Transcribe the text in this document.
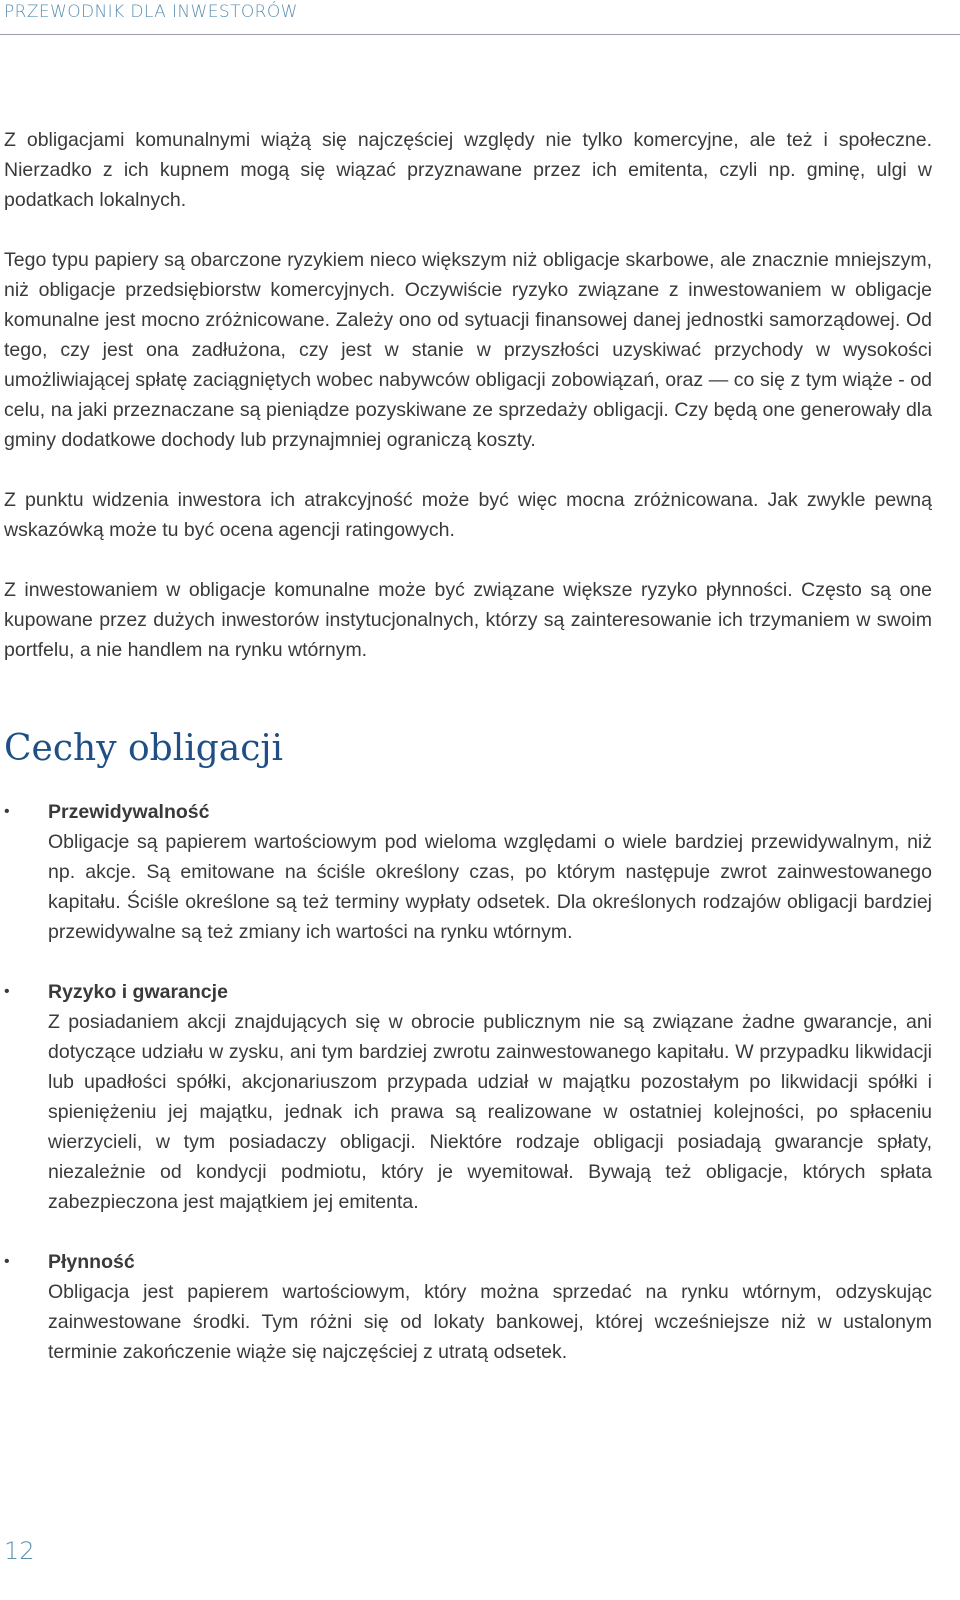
PRZEWODNIK DLA INWESTORÓW

Z obligacjami komunalnymi wiążą się najczęściej względy nie tylko komercyjne, ale też i społeczne. Nierzadko z ich kupnem mogą się wiązać przyznawane przez ich emitenta, czyli np. gminę, ulgi w podatkach lokalnych.

Tego typu papiery są obarczone ryzykiem nieco większym niż obligacje skarbowe, ale znacznie mniejszym, niż obligacje przedsiębiorstw komercyjnych. Oczywiście ryzyko związane z inwestowaniem w obligacje komunalne jest mocno zróżnicowane. Zależy ono od sytuacji finansowej danej jednostki samorządowej. Od tego, czy jest ona zadłużona, czy jest w stanie w przyszłości uzyskiwać przychody w wysokości umożliwiającej spłatę zaciągniętych wobec nabywców obligacji zobowiązań, oraz — co się z tym wiąże - od celu, na jaki przeznaczane są pieniądze pozyskiwane ze sprzedaży obligacji. Czy będą one generowały dla gminy dodatkowe dochody lub przynajmniej ograniczą koszty.

Z punktu widzenia inwestora ich atrakcyjność może być więc mocna zróżnicowana. Jak zwykle pewną wskazówką może tu być ocena agencji ratingowych.

Z inwestowaniem w obligacje komunalne może być związane większe ryzyko płynności. Często są one kupowane przez dużych inwestorów instytucjonalnych, którzy są zainteresowanie ich trzymaniem w swoim portfelu, a nie handlem na rynku wtórnym.

Cechy obligacji
•	Przewidywalność
Obligacje są papierem wartościowym pod wieloma względami o wiele bardziej przewidywalnym, niż np. akcje. Są emitowane na ściśle określony czas, po którym następuje zwrot zainwestowanego kapitału. Ściśle określone są też terminy wypłaty odsetek. Dla określonych rodzajów obligacji bardziej przewidywalne są też zmiany ich wartości na rynku wtórnym.
•	Ryzyko i gwarancje
Z posiadaniem akcji znajdujących się w obrocie publicznym nie są związane żadne gwarancje, ani dotyczące udziału w zysku, ani tym bardziej zwrotu zainwestowanego kapitału. W przypadku likwidacji lub upadłości spółki, akcjonariuszom przypada udział w majątku pozostałym po likwidacji spółki i spieniężeniu jej majątku, jednak ich prawa są realizowane w ostatniej kolejności, po spłaceniu wierzycieli, w tym posiadaczy obligacji. Niektóre rodzaje obligacji posiadają gwarancje spłaty, niezależnie od kondycji podmiotu, który je wyemitował. Bywają też obligacje, których spłata zabezpieczona jest majątkiem jej emitenta.
•	Płynność
Obligacja jest papierem wartościowym, który można sprzedać na rynku wtórnym, odzyskując zainwestowane środki. Tym różni się od lokaty bankowej, której wcześniejsze niż w ustalonym terminie zakończenie wiąże się najczęściej z utratą odsetek.
12
